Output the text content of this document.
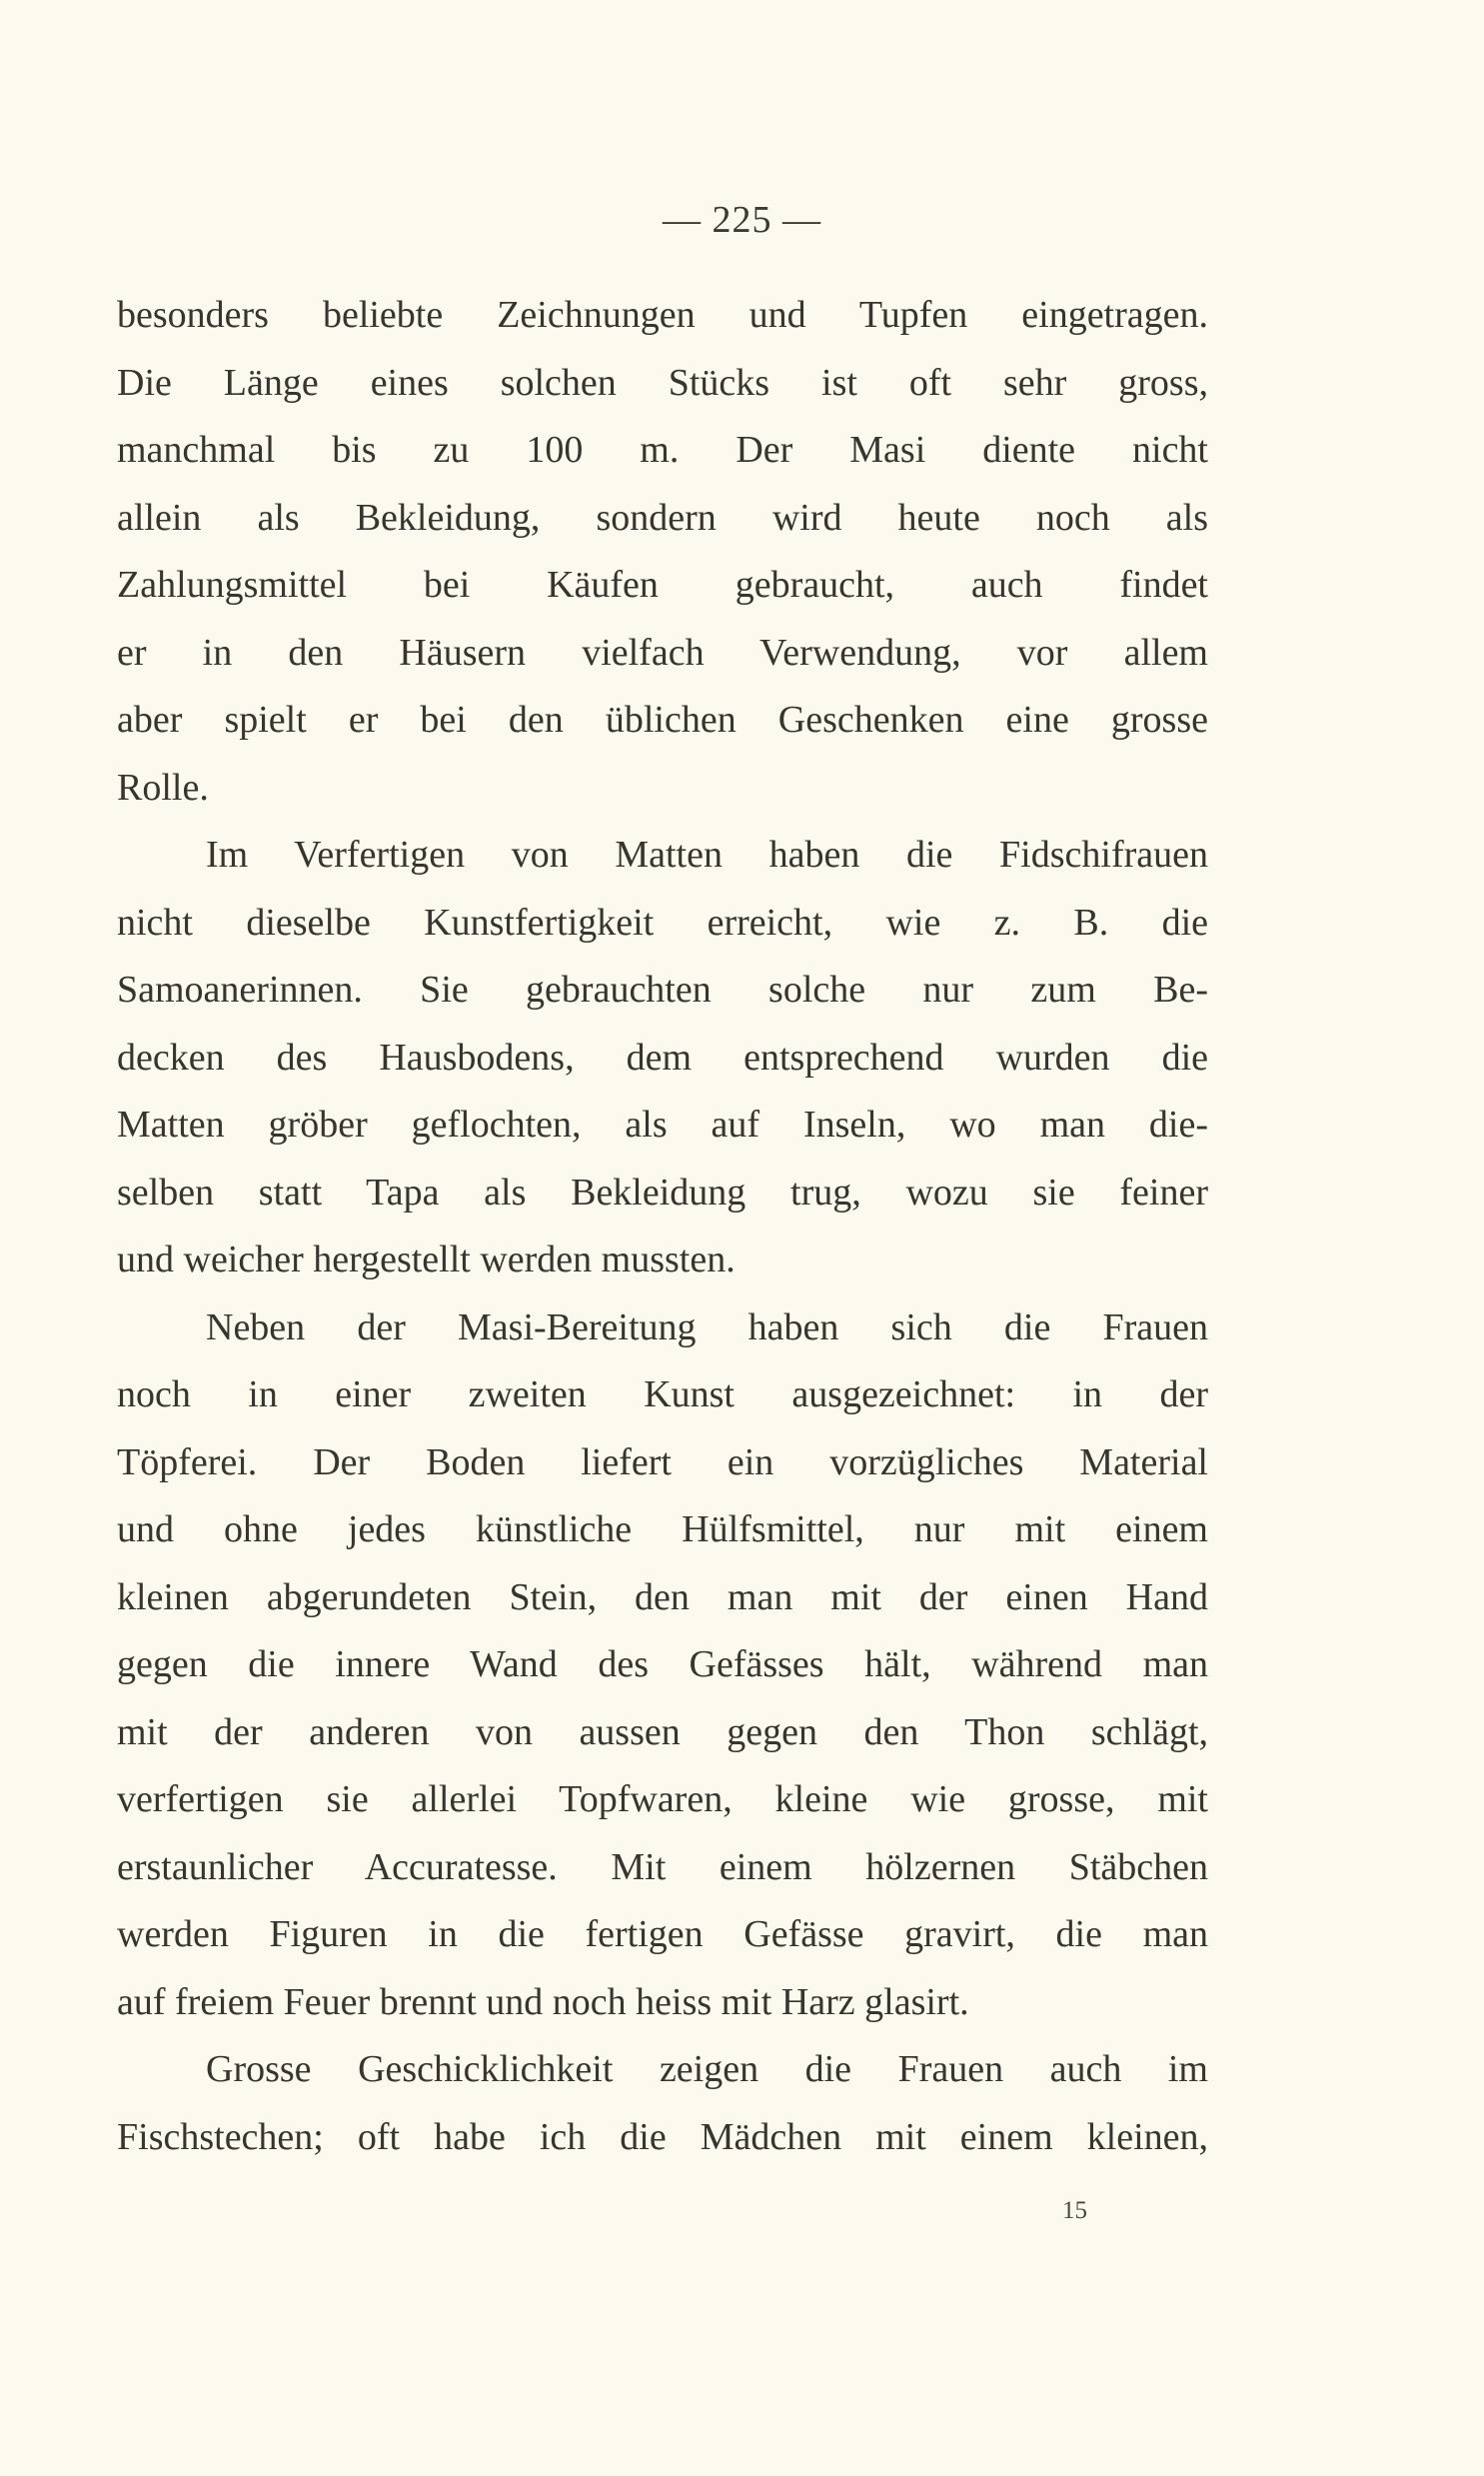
— 225 —
besonders beliebte Zeichnungen und Tupfen eingetragen.
Die Länge eines solchen Stücks ist oft sehr gross,
manchmal bis zu 100 m. Der Masi diente nicht
allein als Bekleidung, sondern wird heute noch als
Zahlungsmittel bei Käufen gebraucht, auch findet
er in den Häusern vielfach Verwendung, vor allem
aber spielt er bei den üblichen Geschenken eine grosse
Rolle.
Im Verfertigen von Matten haben die Fidschifrauen
nicht dieselbe Kunstfertigkeit erreicht, wie z. B. die
Samoanerinnen. Sie gebrauchten solche nur zum Be-
decken des Hausbodens, dem entsprechend wurden die
Matten gröber geflochten, als auf Inseln, wo man die-
selben statt Tapa als Bekleidung trug, wozu sie feiner
und weicher hergestellt werden mussten.
Neben der Masi-Bereitung haben sich die Frauen
noch in einer zweiten Kunst ausgezeichnet: in der
Töpferei. Der Boden liefert ein vorzügliches Material
und ohne jedes künstliche Hülfsmittel, nur mit einem
kleinen abgerundeten Stein, den man mit der einen Hand
gegen die innere Wand des Gefässes hält, während man
mit der anderen von aussen gegen den Thon schlägt,
verfertigen sie allerlei Topfwaren, kleine wie grosse, mit
erstaunlicher Accuratesse. Mit einem hölzernen Stäbchen
werden Figuren in die fertigen Gefässe gravirt, die man
auf freiem Feuer brennt und noch heiss mit Harz glasirt.
Grosse Geschicklichkeit zeigen die Frauen auch im
Fischstechen; oft habe ich die Mädchen mit einem kleinen,
15
